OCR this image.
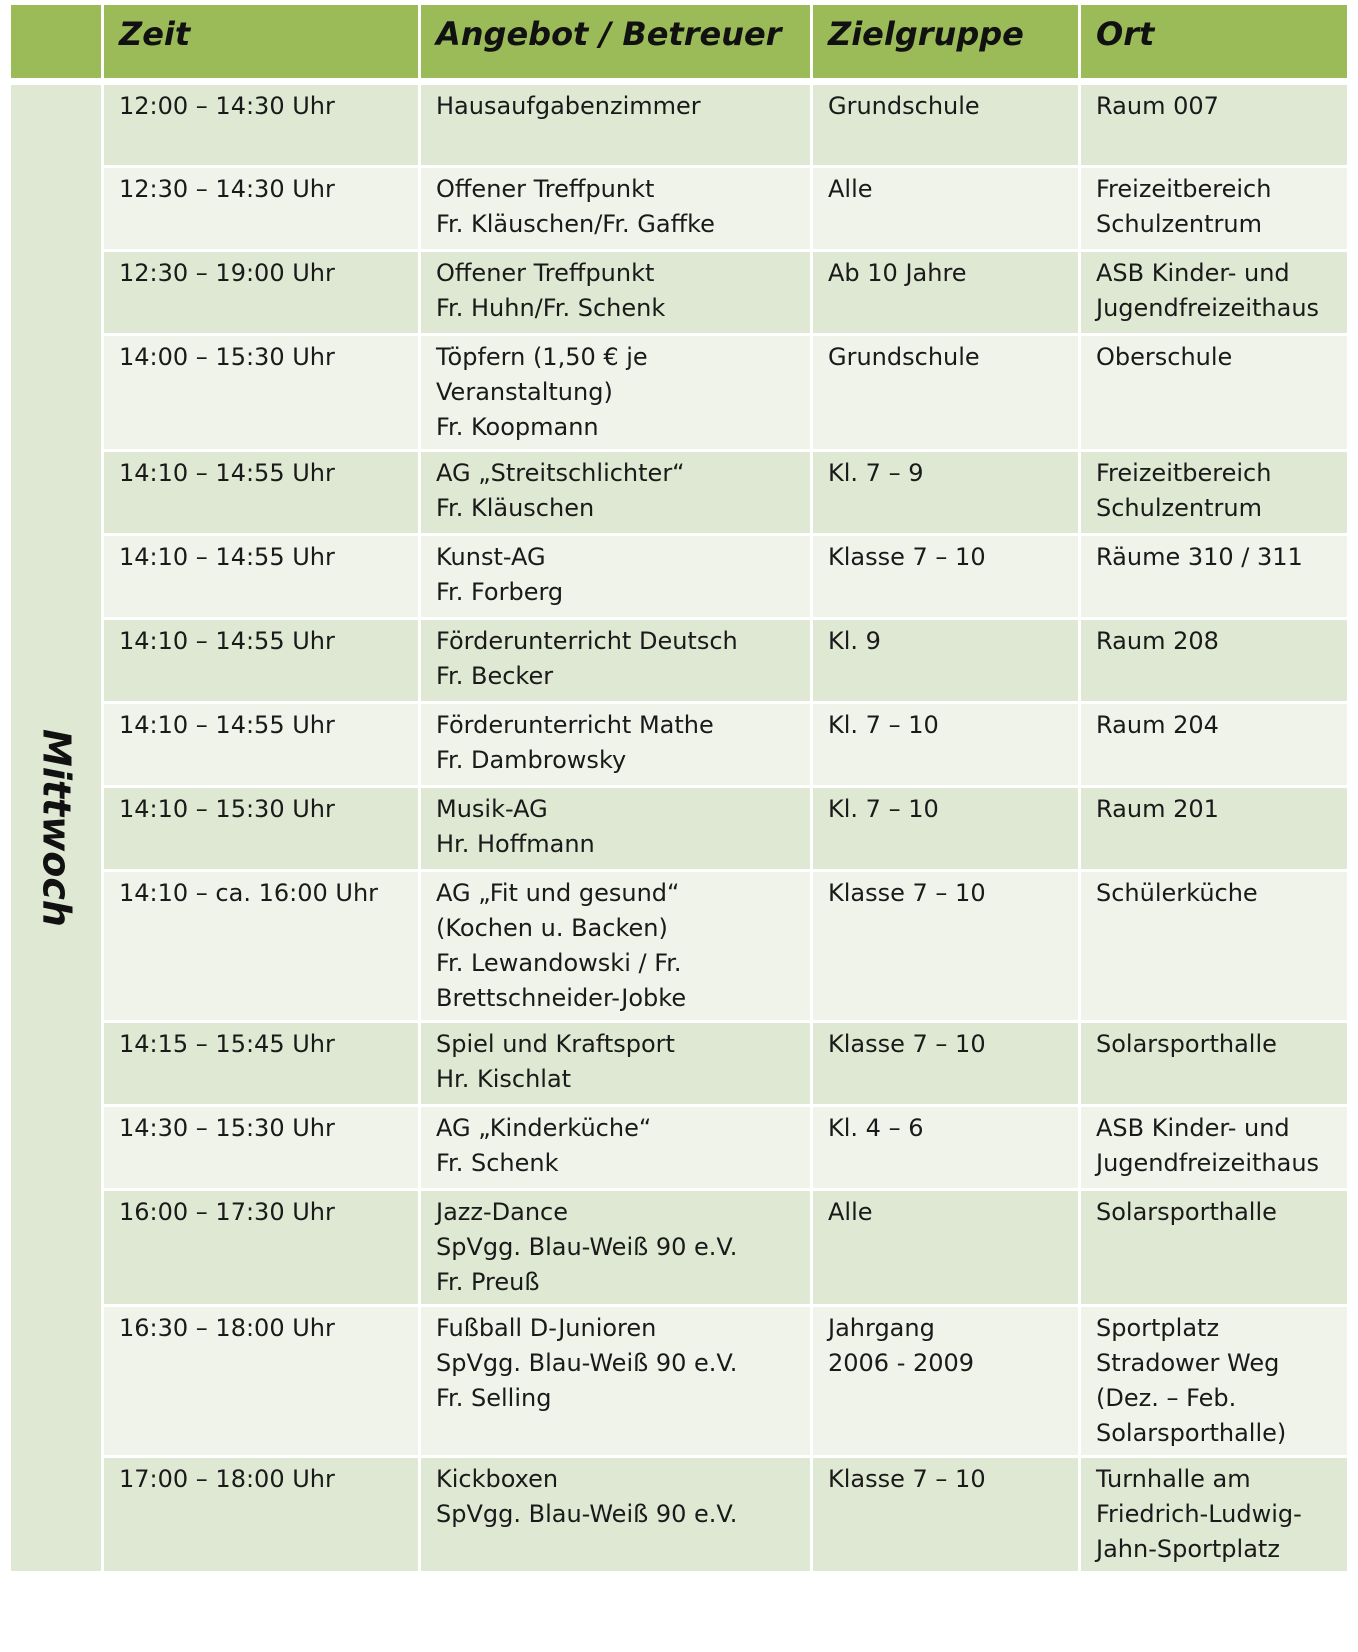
	Zeit	Angebot / Betreuer	Zielgruppe	Ort

Mittwoch	12:00 – 14:30 Uhr	Hausaufgabenzimmer	Grundschule	Raum 007

	12:30 – 14:30 Uhr	Offener Treffpunkt
Fr. Kläuschen/Fr. Gaffke	Alle	Freizeitbereich
Schulzentrum

	12:30 – 19:00 Uhr	Offener Treffpunkt
Fr. Huhn/Fr. Schenk	Ab 10 Jahre	ASB Kinder- und
Jugendfreizeithaus

	14:00 – 15:30 Uhr	Töpfern (1,50 € je
Veranstaltung)
Fr. Koopmann	Grundschule	Oberschule

	14:10 – 14:55 Uhr	AG „Streitschlichter“
Fr. Kläuschen	Kl. 7 – 9	Freizeitbereich
Schulzentrum

	14:10 – 14:55 Uhr	Kunst-AG
Fr. Forberg	Klasse 7 – 10	Räume 310 / 311

	14:10 – 14:55 Uhr	Förderunterricht Deutsch
Fr. Becker	Kl. 9	Raum 208

	14:10 – 14:55 Uhr	Förderunterricht Mathe
Fr. Dambrowsky	Kl. 7 – 10	Raum 204

	14:10 – 15:30 Uhr	Musik-AG
Hr. Hoffmann	Kl. 7 – 10	Raum 201

	14:10 – ca. 16:00 Uhr	AG „Fit und gesund“
(Kochen u. Backen)
Fr. Lewandowski / Fr.
Brettschneider-Jobke	Klasse 7 – 10	Schülerküche

	14:15 – 15:45 Uhr	Spiel und Kraftsport
Hr. Kischlat	Klasse 7 – 10	Solarsporthalle

	14:30 – 15:30 Uhr	AG „Kinderküche“
Fr. Schenk	Kl. 4 – 6	ASB Kinder- und
Jugendfreizeithaus

	16:00 – 17:30 Uhr	Jazz-Dance
SpVgg. Blau-Weiß 90 e.V.
Fr. Preuß	Alle	Solarsporthalle

	16:30 – 18:00 Uhr	Fußball D-Junioren
SpVgg. Blau-Weiß 90 e.V.
Fr. Selling	Jahrgang
2006 - 2009	Sportplatz
Stradower Weg
(Dez. – Feb.
Solarsporthalle)

	17:00 – 18:00 Uhr	Kickboxen
SpVgg. Blau-Weiß 90 e.V.	Klasse 7 – 10	Turnhalle am
Friedrich-Ludwig-
Jahn-Sportplatz
